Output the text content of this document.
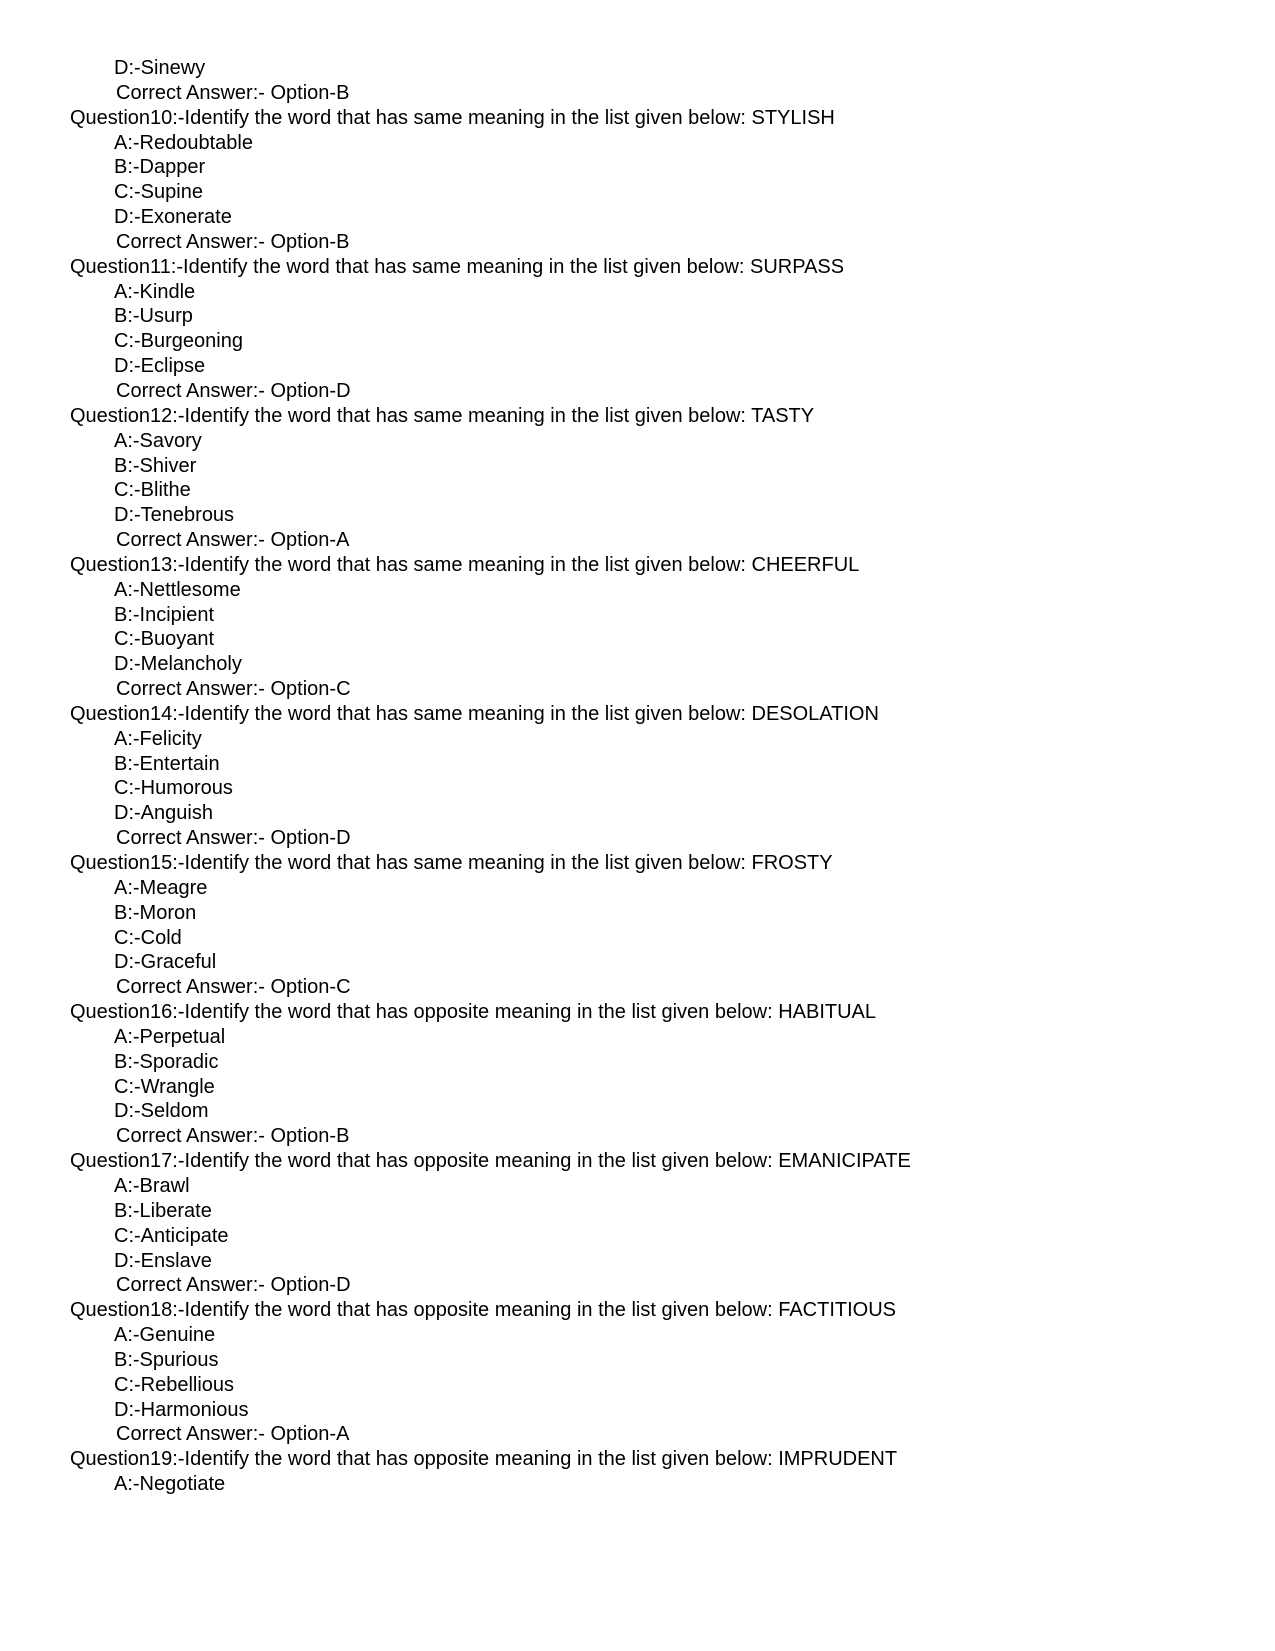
D:-Sinewy
Correct Answer:- Option-B
Question10:-Identify the word that has same meaning in the list given below: STYLISH
A:-Redoubtable
B:-Dapper
C:-Supine
D:-Exonerate
Correct Answer:- Option-B
Question11:-Identify the word that has same meaning in the list given below: SURPASS
A:-Kindle
B:-Usurp
C:-Burgeoning
D:-Eclipse
Correct Answer:- Option-D
Question12:-Identify the word that has same meaning in the list given below: TASTY
A:-Savory
B:-Shiver
C:-Blithe
D:-Tenebrous
Correct Answer:- Option-A
Question13:-Identify the word that has same meaning in the list given below: CHEERFUL
A:-Nettlesome
B:-Incipient
C:-Buoyant
D:-Melancholy
Correct Answer:- Option-C
Question14:-Identify the word that has same meaning in the list given below: DESOLATION
A:-Felicity
B:-Entertain
C:-Humorous
D:-Anguish
Correct Answer:- Option-D
Question15:-Identify the word that has same meaning in the list given below: FROSTY
A:-Meagre
B:-Moron
C:-Cold
D:-Graceful
Correct Answer:- Option-C
Question16:-Identify the word that has opposite meaning in the list given below: HABITUAL
A:-Perpetual
B:-Sporadic
C:-Wrangle
D:-Seldom
Correct Answer:- Option-B
Question17:-Identify the word that has opposite meaning in the list given below: EMANICIPATE
A:-Brawl
B:-Liberate
C:-Anticipate
D:-Enslave
Correct Answer:- Option-D
Question18:-Identify the word that has opposite meaning in the list given below: FACTITIOUS
A:-Genuine
B:-Spurious
C:-Rebellious
D:-Harmonious
Correct Answer:- Option-A
Question19:-Identify the word that has opposite meaning in the list given below: IMPRUDENT
A:-Negotiate
